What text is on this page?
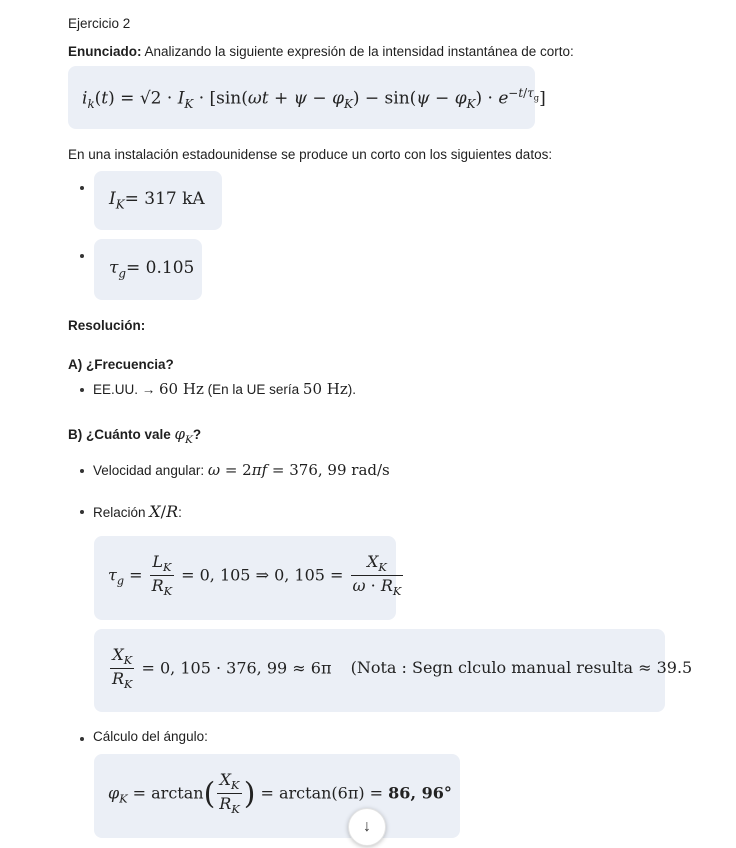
Ejercicio 2
Enunciado: Analizando la siguiente expresión de la intensidad instantánea de corto:
$i_k(t) = √2 \cdot I_K \cdot [\sin(\omega t + \psi - \varphi_K) - \sin(\psi - \varphi_K) \cdot e^{-t/\tau_g}]$
En una instalación estadounidense se produce un corto con los siguientes datos:
$I_K= 317$ kA
$\tau_g= 0.105$
Resolución:
A) ¿Frecuencia?
EE.UU. → 60 Hz (En la UE sería 50 Hz).
B) ¿Cuánto vale $\varphi_K$?
Velocidad angular: ω = 2πf = 376, 99 rad/s
Relación X/R:
$\tau_g = \frac{L_K}{R_K} = 0$, 105 ⇒ 0, $105 = \frac{X_K}{\omega \cdot R_K}$
$\frac{X_K}{R_K} = 0$, 105 · 376, 99 ≈ 6π (Nota : Segn clculo manual resulta ≈ 39.5
Cálculo del ángulo:
$\varphi_K = \arctan( \frac{X_K}{R_K}$ ) = arctan(6π) = 86, 96°
↓
